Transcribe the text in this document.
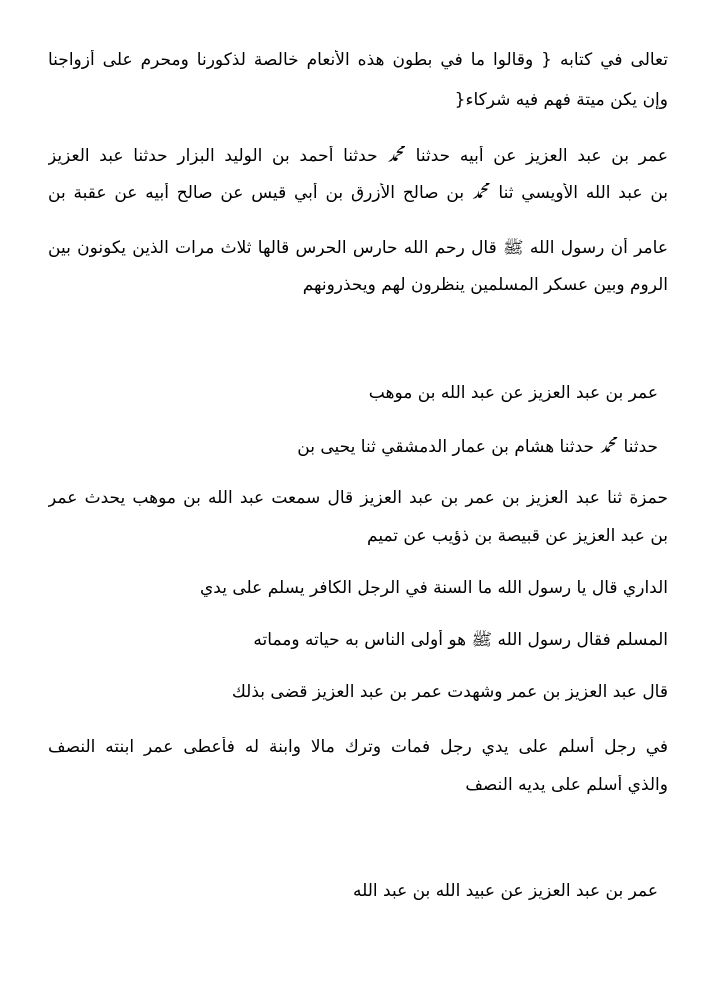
تعالى في كتابه { وقالوا ما في بطون هذه الأنعام خالصة لذكورنا ومحرم على أزواجنا
وإن يكن ميتة فهم فيه شركاء{
عمر بن عبد العزيز عن أبيه حدثنا ﷴ حدثنا أحمد بن الوليد البزار حدثنا عبد العزيز
بن عبد الله الأويسي ثنا ﷴ بن صالح الأزرق بن أبي قيس عن صالح أبيه عن عقبة بن
عامر أن رسول الله ﷺ قال رحم الله حارس الحرس قالها ثلاث مرات الذين يكونون بين
الروم وبين عسكر المسلمين ينظرون لهم ويحذرونهم
عمر بن عبد العزيز عن عبد الله بن موهب
حدثنا ﷴ حدثنا هشام بن عمار الدمشقي ثنا يحيى بن
حمزة ثنا عبد العزيز بن عمر بن عبد العزيز قال سمعت عبد الله بن موهب يحدث عمر
بن عبد العزيز عن قبيصة بن ذؤيب عن تميم
الداري قال يا رسول الله ما السنة في الرجل الكافر يسلم على يدي
المسلم فقال رسول الله ﷺ هو أولى الناس به حياته ومماته
قال عبد العزيز بن عمر وشهدت عمر بن عبد العزيز قضى بذلك
في رجل أسلم على يدي رجل فمات وترك مالا وابنة له فأعطى عمر ابنته النصف
والذي أسلم على يديه النصف
عمر بن عبد العزيز عن عبيد الله بن عبد الله
